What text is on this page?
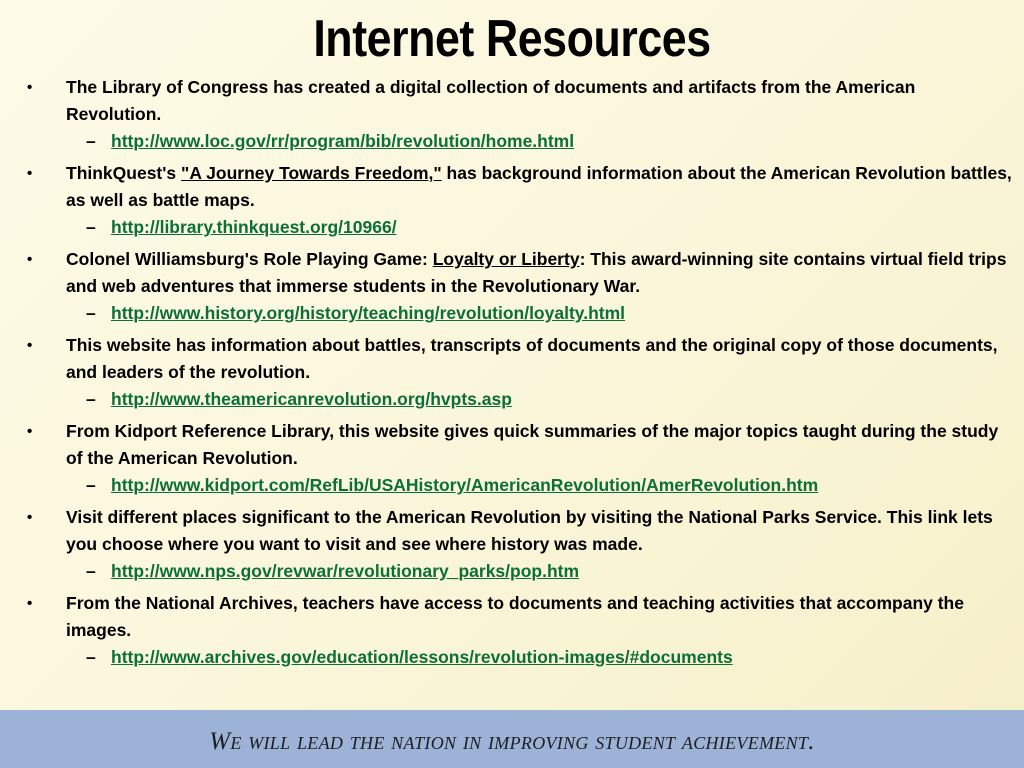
Internet Resources
•	The Library of Congress has created a digital collection of documents and artifacts from the American Revolution.
– http://www.loc.gov/rr/program/bib/revolution/home.html
•	ThinkQuest's "A Journey Towards Freedom," has background information about the American Revolution battles, as well as battle maps.
– http://library.thinkquest.org/10966/
•	Colonel Williamsburg's Role Playing Game: Loyalty or Liberty: This award-winning site contains virtual field trips and web adventures that immerse students in the Revolutionary War.
– http://www.history.org/history/teaching/revolution/loyalty.html
•	This website has information about battles, transcripts of documents and the original copy of those documents, and leaders of the revolution.
– http://www.theamericanrevolution.org/hvpts.asp
•	From Kidport Reference Library, this website gives quick summaries of the major topics taught during the study of the American Revolution.
– http://www.kidport.com/RefLib/USAHistory/AmericanRevolution/AmerRevolution.htm
•	Visit different places significant to the American Revolution by visiting the National Parks Service. This link lets you choose where you want to visit and see where history was made.
– http://www.nps.gov/revwar/revolutionary_parks/pop.htm
•	From the National Archives, teachers have access to documents and teaching activities that accompany the images.
– http://www.archives.gov/education/lessons/revolution-images/#documents
We will lead the nation in improving student achievement.
